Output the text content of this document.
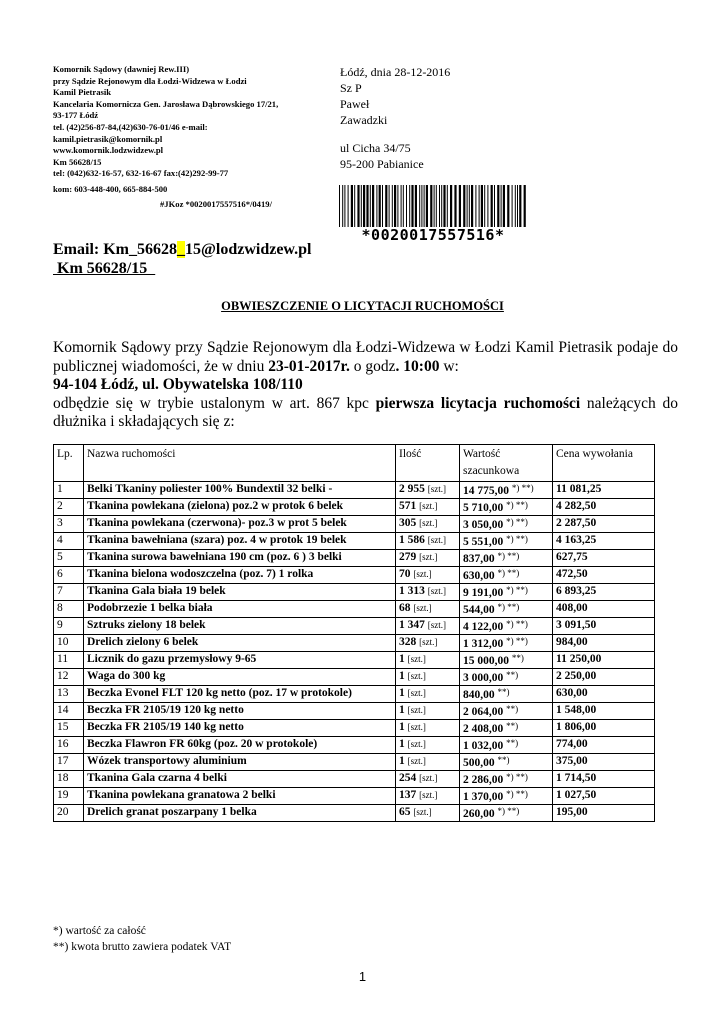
Komornik Sądowy (dawniej Rew.III)
przy Sądzie Rejonowym dla Łodzi-Widzewa w Łodzi
Kamil Pietrasik
Kancelaria Komornicza Gen. Jarosława Dąbrowskiego 17/21,
93-177 Łódź
tel. (42)256-87-84,(42)630-76-01/46 e-mail:
kamil.pietrasik@komornik.pl
www.komornik.lodzwidzew.pl
Km 56628/15
tel: (042)632-16-57, 632-16-67 fax:(42)292-99-77
kom: 603-448-400, 665-884-500
#JKoz *0020017557516*/0419/
Łódź, dnia 28-12-2016
Sz P
Paweł
Zawadzki
ul Cicha 34/75
95-200 Pabianice
*0020017557516*
Email: Km_56628_15@lodzwidzew.pl
Km 56628/15
OBWIESZCZENIE O LICYTACJI RUCHOMOŚCI

Komornik Sądowy przy Sądzie Rejonowym dla Łodzi-Widzewa w Łodzi Kamil Pietrasik podaje do publicznej wiadomości, że w dniu 23-01-2017r. o godz. 10:00 w:

94-104 Łódź, ul. Obywatelska 108/110

odbędzie się w trybie ustalonym w art. 867 kpc pierwsza licytacja ruchomości należących do dłużnika i składających się z:

Lp.	Nazwa ruchomości	Ilość	Wartość szacunkowa	Cena wywołania
1	Belki Tkaniny poliester 100% Bundextil 32 belki -	2 955 [szt.]	14 775,00 *) **)	11 081,25
2	Tkanina powlekana (zielona) poz.2 w protok 6 belek	571 [szt.]	5 710,00 *) **)	4 282,50
3	Tkanina powlekana (czerwona)- poz.3 w prot 5 belek	305 [szt.]	3 050,00 *) **)	2 287,50
4	Tkanina bawełniana (szara) poz. 4 w protok 19 belek	1 586 [szt.]	5 551,00 *) **)	4 163,25
5	Tkanina surowa bawełniana 190 cm (poz. 6 ) 3 belki	279 [szt.]	837,00 *) **)	627,75
6	Tkanina bielona wodoszczelna (poz. 7) 1 rolka	70 [szt.]	630,00 *) **)	472,50
7	Tkanina Gala biała 19 belek	1 313 [szt.]	9 191,00 *) **)	6 893,25
8	Podobrzezie 1 belka biała	68 [szt.]	544,00 *) **)	408,00
9	Sztruks zielony 18 belek	1 347 [szt.]	4 122,00 *) **)	3 091,50
10	Drelich zielony 6 belek	328 [szt.]	1 312,00 *) **)	984,00
11	Licznik do gazu przemysłowy 9-65	1 [szt.]	15 000,00 **)	11 250,00
12	Waga do 300 kg	1 [szt.]	3 000,00 **)	2 250,00
13	Beczka Evonel FLT 120 kg netto (poz. 17 w protokole)	1 [szt.]	840,00 **)	630,00
14	Beczka FR 2105/19 120 kg netto	1 [szt.]	2 064,00 **)	1 548,00
15	Beczka FR 2105/19 140 kg netto	1 [szt.]	2 408,00 **)	1 806,00
16	Beczka Flawron FR 60kg (poz. 20 w protokole)	1 [szt.]	1 032,00 **)	774,00
17	Wózek transportowy aluminium	1 [szt.]	500,00 **)	375,00
18	Tkanina Gala czarna 4 belki	254 [szt.]	2 286,00 *) **)	1 714,50
19	Tkanina powlekana granatowa 2 belki	137 [szt.]	1 370,00 *) **)	1 027,50
20	Drelich granat poszarpany 1 belka	65 [szt.]	260,00 *) **)	195,00
*) wartość za całość
**) kwota brutto zawiera podatek VAT
1
